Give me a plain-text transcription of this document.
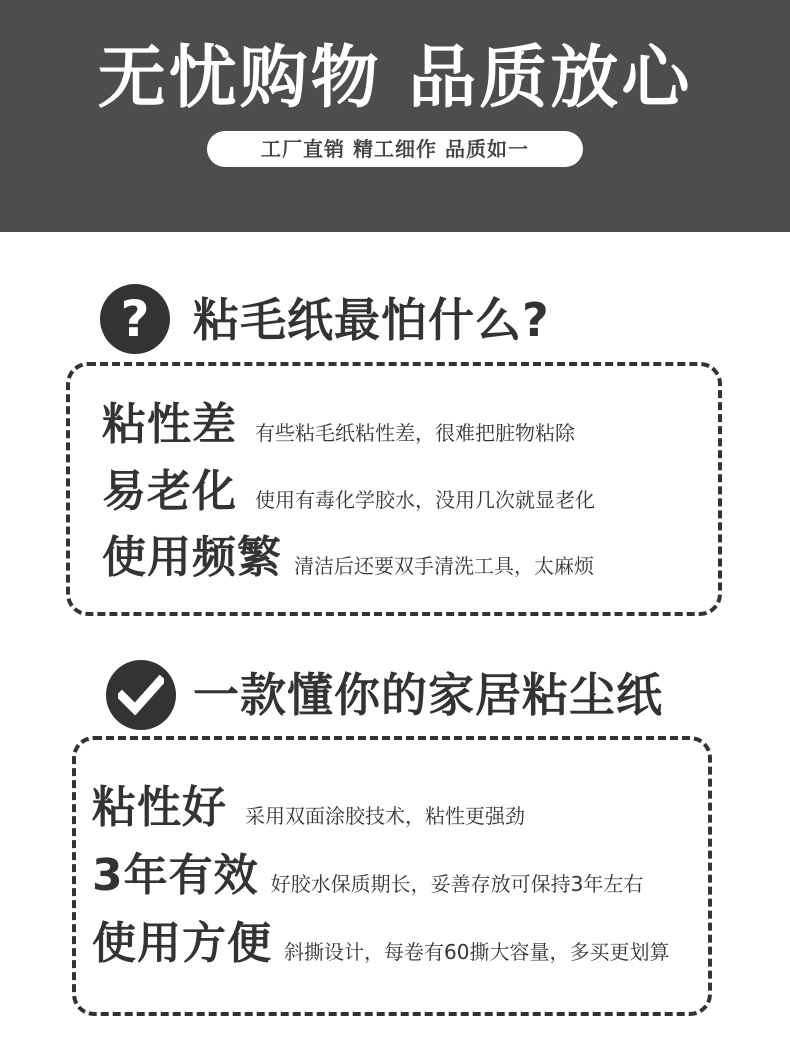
无忧购物 品质放心
工厂直销 精工细作 品质如一
? 粘毛纸最怕什么?
粘性差 有些粘毛纸粘性差，很难把脏物粘除
易老化 使用有毒化学胶水，没用几次就显老化
使用频繁 清洁后还要双手清洗工具，太麻烦
一款懂你的家居粘尘纸
粘性好 采用双面涂胶技术，粘性更强劲
3年有效 好胶水保质期长，妥善存放可保持3年左右
使用方便 斜撕设计，每卷有60撕大容量，多买更划算
